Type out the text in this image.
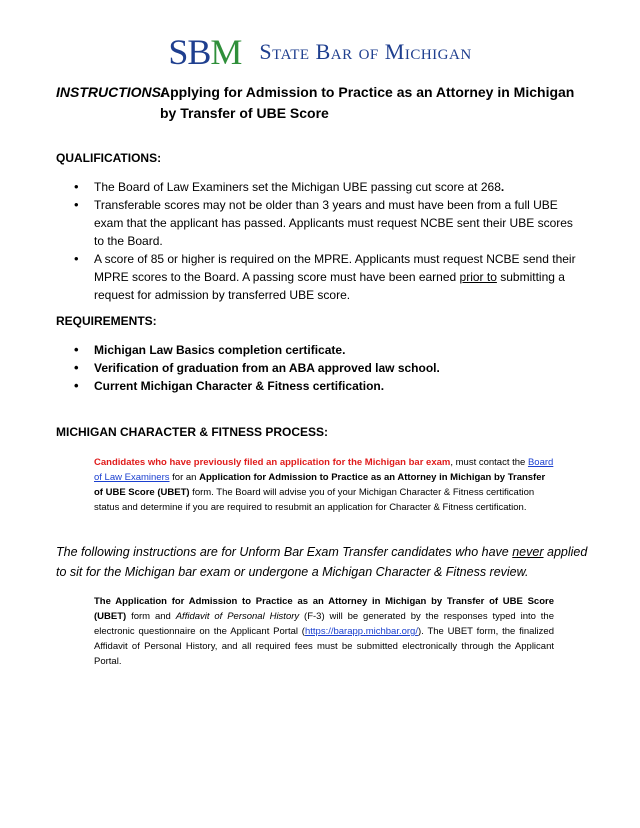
SBM State Bar of Michigan
INSTRUCTIONS:
Applying for Admission to Practice as an Attorney in Michigan by Transfer of UBE Score
QUALIFICATIONS:
• The Board of Law Examiners set the Michigan UBE passing cut score at 268.
• Transferable scores may not be older than 3 years and must have been from a full UBE exam that the applicant has passed. Applicants must request NCBE sent their UBE scores to the Board.
• A score of 85 or higher is required on the MPRE. Applicants must request NCBE send their MPRE scores to the Board. A passing score must have been earned prior to submitting a request for admission by transferred UBE score.
REQUIREMENTS:
• Michigan Law Basics completion certificate.
• Verification of graduation from an ABA approved law school.
• Current Michigan Character & Fitness certification.
MICHIGAN CHARACTER & FITNESS PROCESS:
Candidates who have previously filed an application for the Michigan bar exam, must contact the Board of Law Examiners for an Application for Admission to Practice as an Attorney in Michigan by Transfer of UBE Score (UBET) form. The Board will advise you of your Michigan Character & Fitness certification status and determine if you are required to resubmit an application for Character & Fitness certification.
The following instructions are for Unform Bar Exam Transfer candidates who have never applied to sit for the Michigan bar exam or undergone a Michigan Character & Fitness review.
The Application for Admission to Practice as an Attorney in Michigan by Transfer of UBE Score (UBET) form and Affidavit of Personal History (F-3) will be generated by the responses typed into the electronic questionnaire on the Applicant Portal (https://barapp.michbar.org/). The UBET form, the finalized Affidavit of Personal History, and all required fees must be submitted electronically through the Applicant Portal.
